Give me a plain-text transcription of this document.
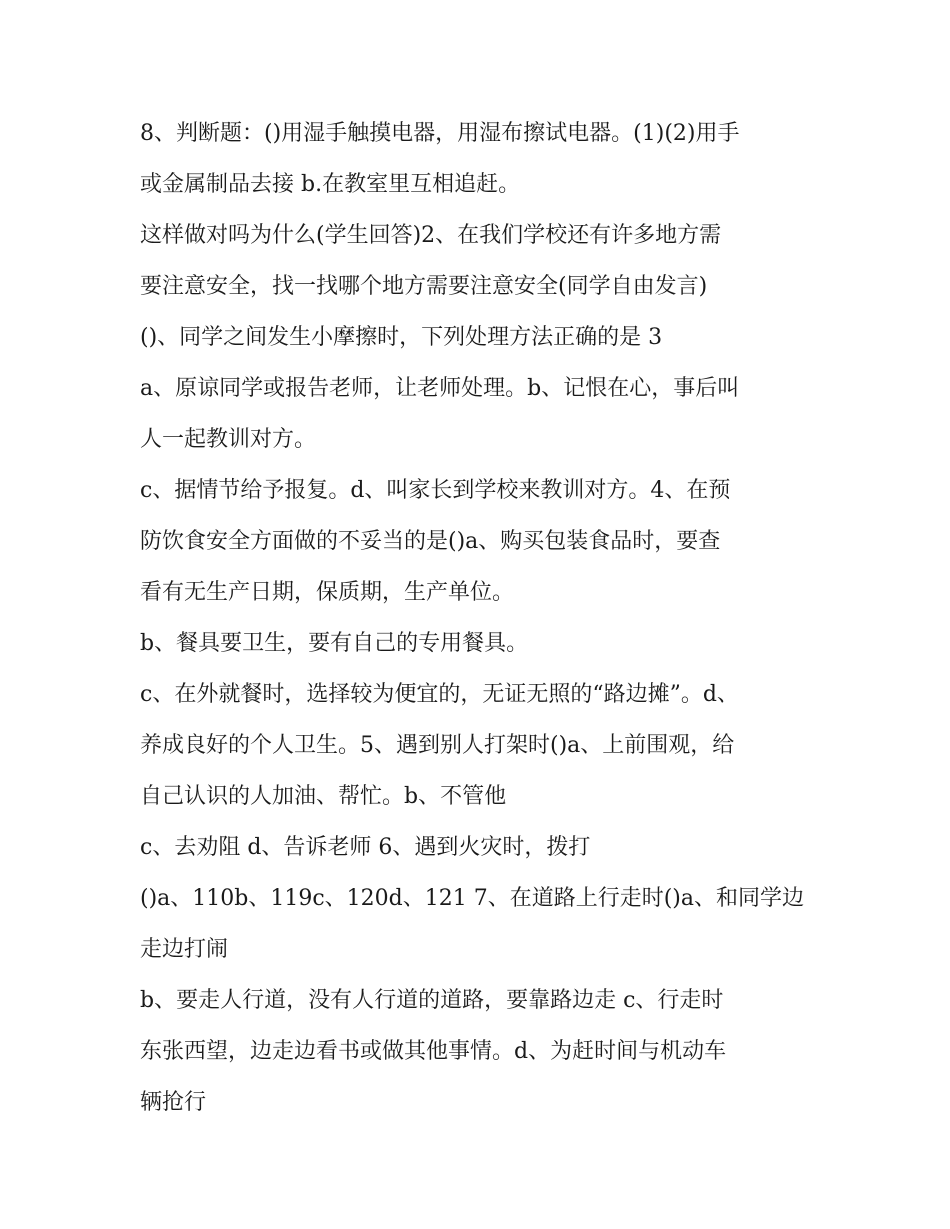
8、判断题：()用湿手触摸电器，用湿布擦试电器。(1)(2)用手
或金属制品去接 b.在教室里互相追赶。
这样做对吗为什么(学生回答)2、在我们学校还有许多地方需
要注意安全，找一找哪个地方需要注意安全(同学自由发言)
()、同学之间发生小摩擦时，下列处理方法正确的是 3
a、原谅同学或报告老师，让老师处理。b、记恨在心，事后叫
人一起教训对方。
c、据情节给予报复。d、叫家长到学校来教训对方。4、在预
防饮食安全方面做的不妥当的是()a、购买包装食品时，要查
看有无生产日期，保质期，生产单位。
b、餐具要卫生，要有自己的专用餐具。
c、在外就餐时，选择较为便宜的，无证无照的“路边摊”。d、
养成良好的个人卫生。5、遇到别人打架时()a、上前围观，给
自己认识的人加油、帮忙。b、不管他
c、去劝阻 d、告诉老师 6、遇到火灾时，拨打
()a、110b、119c、120d、121 7、在道路上行走时()a、和同学边
走边打闹
b、要走人行道，没有人行道的道路，要靠路边走 c、行走时
东张西望，边走边看书或做其他事情。d、为赶时间与机动车
辆抢行
